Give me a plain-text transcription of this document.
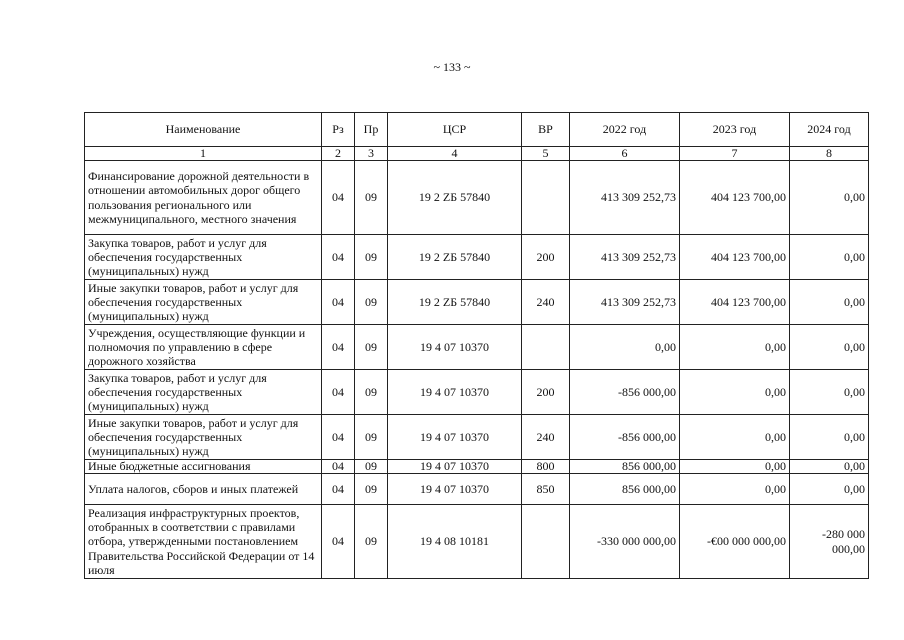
~ 133 ~
Наименование	Рз	Пр	ЦСР	ВР	2022 год	2023 год	2024 год
1	2	3	4	5	6	7	8
Финансирование дорожной деятельности в отношении автомобильных дорог общего пользования регионального или межмуниципального, местного значения	04	09	19 2 ZБ 57840		413 309 252,73	404 123 700,00	0,00
Закупка товаров, работ и услуг для обеспечения государственных (муниципальных) нужд	04	09	19 2 ZБ 57840	200	413 309 252,73	404 123 700,00	0,00
Иные закупки товаров, работ и услуг для обеспечения государственных (муниципальных) нужд	04	09	19 2 ZБ 57840	240	413 309 252,73	404 123 700,00	0,00
Учреждения, осуществляющие функции и полномочия по управлению в сфере дорожного хозяйства	04	09	19 4 07 10370		0,00	0,00	0,00
Закупка товаров, работ и услуг для обеспечения государственных (муниципальных) нужд	04	09	19 4 07 10370	200	-856 000,00	0,00	0,00
Иные закупки товаров, работ и услуг для обеспечения государственных (муниципальных) нужд	04	09	19 4 07 10370	240	-856 000,00	0,00	0,00
Иные бюджетные ассигнования	04	09	19 4 07 10370	800	856 000,00	0,00	0,00
Уплата налогов, сборов и иных платежей	04	09	19 4 07 10370	850	856 000,00	0,00	0,00
Реализация инфраструктурных проектов, отобранных в соответствии с правилами отбора, утвержденными постановлением Правительства Российской Федерации от 14 июля	04	09	19 4 08 10181		-330 000 000,00	-€00 000 000,00	-280 000 000,00
